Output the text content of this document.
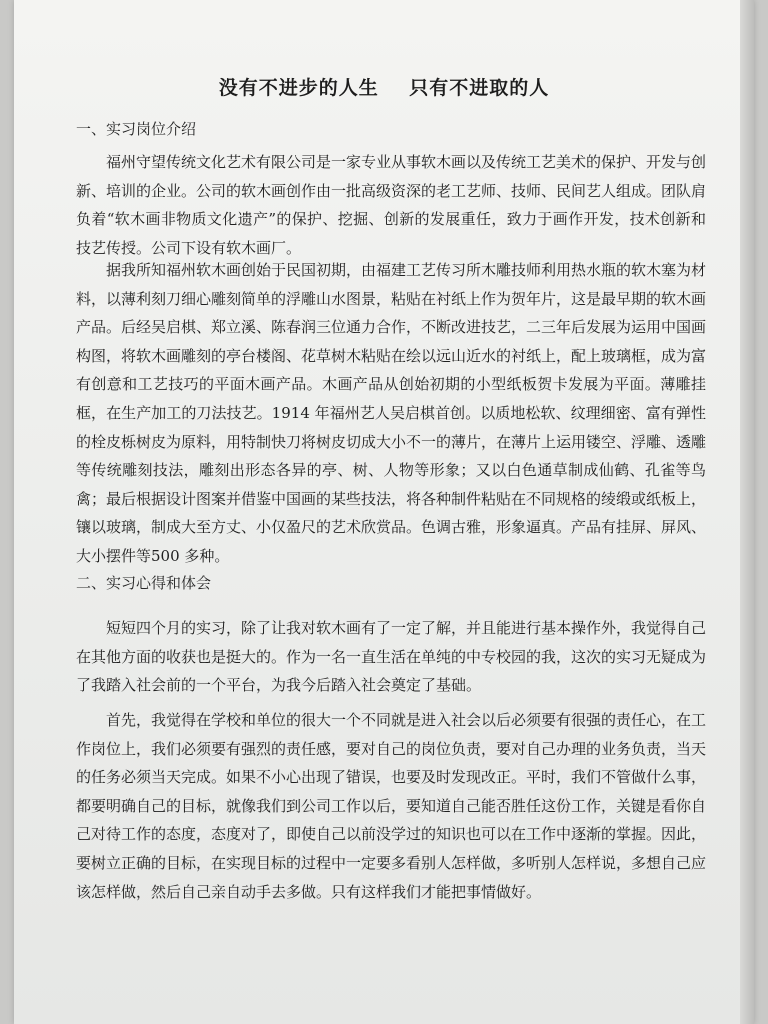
没有不进步的人生    只有不进取的人
一、实习岗位介绍

福州守望传统文化艺术有限公司是一家专业从事软木画以及传统工艺美术的保护、开发与创新、培训的企业。公司的软木画创作由一批高级资深的老工艺师、技师、民间艺人组成。团队肩负着“软木画非物质文化遗产”的保护、挖掘、创新的发展重任，致力于画作开发，技术创新和技艺传授。公司下设有软木画厂。

据我所知福州软木画创始于民国初期，由福建工艺传习所木雕技师利用热水瓶的软木塞为材料，以薄利刻刀细心雕刻简单的浮雕山水图景，粘贴在衬纸上作为贺年片，这是最早期的软木画产品。后经吴启棋、郑立溪、陈春润三位通力合作，不断改进技艺，二三年后发展为运用中国画构图，将软木画雕刻的亭台楼阁、花草树木粘贴在绘以远山近水的衬纸上，配上玻璃框，成为富有创意和工艺技巧的平面木画产品。木画产品从创始初期的小型纸板贺卡发展为平面。薄雕挂框，在生产加工的刀法技艺。1914 年福州艺人吴启棋首创。以质地松软、纹理细密、富有弹性的栓皮栎树皮为原料，用特制快刀将树皮切成大小不一的薄片，在薄片上运用镂空、浮雕、透雕等传统雕刻技法，雕刻出形态各异的亭、树、人物等形象；又以白色通草制成仙鹤、孔雀等鸟禽；最后根据设计图案并借鉴中国画的某些技法，将各种制件粘贴在不同规格的绫缎或纸板上，镶以玻璃，制成大至方丈、小仅盈尺的艺术欣赏品。色调古雅，形象逼真。产品有挂屏、屏风、大小摆件等500 多种。

二、实习心得和体会

短短四个月的实习，除了让我对软木画有了一定了解，并且能进行基本操作外，我觉得自己在其他方面的收获也是挺大的。作为一名一直生活在单纯的中专校园的我，这次的实习无疑成为了我踏入社会前的一个平台，为我今后踏入社会奠定了基础。

首先，我觉得在学校和单位的很大一个不同就是进入社会以后必须要有很强的责任心，在工作岗位上，我们必须要有强烈的责任感，要对自己的岗位负责，要对自己办理的业务负责，当天的任务必须当天完成。如果不小心出现了错误，也要及时发现改正。平时，我们不管做什么事，都要明确自己的目标，就像我们到公司工作以后，要知道自己能否胜任这份工作，关键是看你自己对待工作的态度，态度对了，即使自己以前没学过的知识也可以在工作中逐渐的掌握。因此，要树立正确的目标，在实现目标的过程中一定要多看别人怎样做，多听别人怎样说，多想自己应该怎样做，然后自己亲自动手去多做。只有这样我们才能把事情做好。
